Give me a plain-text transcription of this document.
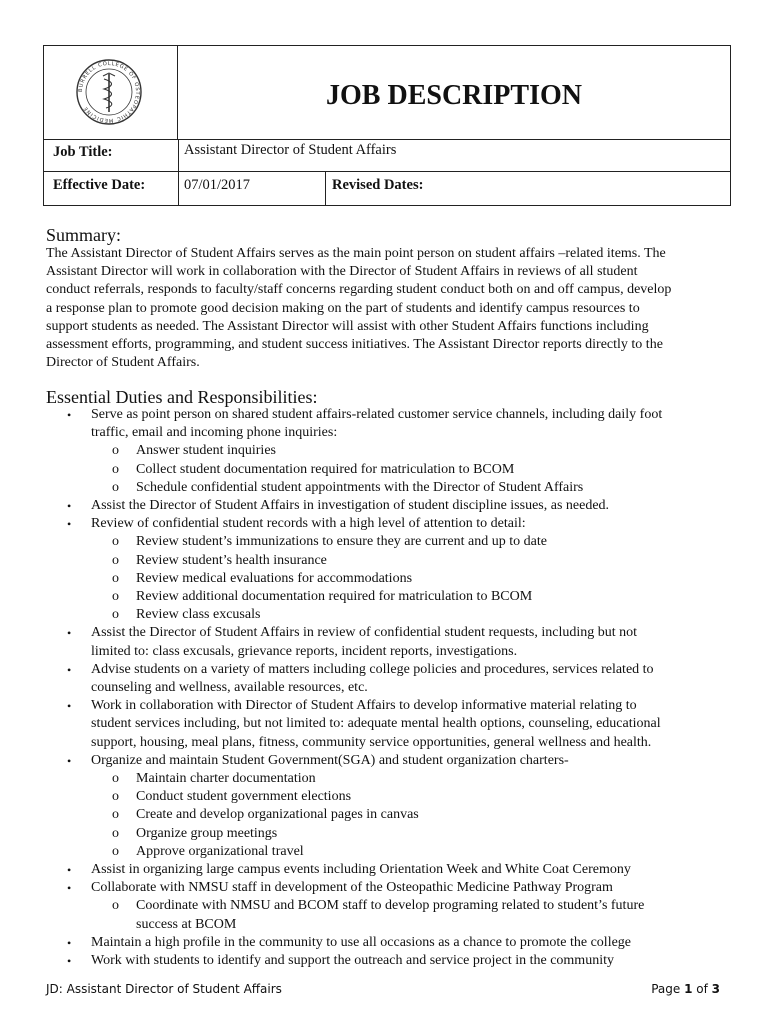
BURRELL COLLEGE OF OSTEOPATHIC MEDICINE	JOB DESCRIPTION
Job Title:	Assistant Director of Student Affairs
Effective Date:	07/01/2017	Revised Dates:
Summary:
The Assistant Director of Student Affairs serves as the main point person on student affairs –related items. The
Assistant Director will work in collaboration with the Director of Student Affairs in reviews of all student
conduct referrals, responds to faculty/staff concerns regarding student conduct both on and off campus, develop
a response plan to promote good decision making on the part of students and identify campus resources to
support students as needed. The Assistant Director will assist with other Student Affairs functions including
assessment efforts, programming, and student success initiatives. The Assistant Director reports directly to the
Director of Student Affairs.
Essential Duties and Responsibilities:
• Serve as point person on shared student affairs-related customer service channels, including daily foot
traffic, email and incoming phone inquiries:
o Answer student inquiries
o Collect student documentation required for matriculation to BCOM
o Schedule confidential student appointments with the Director of Student Affairs
• Assist the Director of Student Affairs in investigation of student discipline issues, as needed.
• Review of confidential student records with a high level of attention to detail:
o Review student’s immunizations to ensure they are current and up to date
o Review student’s health insurance
o Review medical evaluations for accommodations
o Review additional documentation required for matriculation to BCOM
o Review class excusals
• Assist the Director of Student Affairs in review of confidential student requests, including but not
limited to: class excusals, grievance reports, incident reports, investigations.
• Advise students on a variety of matters including college policies and procedures, services related to
counseling and wellness, available resources, etc.
• Work in collaboration with Director of Student Affairs to develop informative material relating to
student services including, but not limited to: adequate mental health options, counseling, educational
support, housing, meal plans, fitness, community service opportunities, general wellness and health.
• Organize and maintain Student Government(SGA) and student organization charters-
o Maintain charter documentation
o Conduct student government elections
o Create and develop organizational pages in canvas
o Organize group meetings
o Approve organizational travel
• Assist in organizing large campus events including Orientation Week and White Coat Ceremony
• Collaborate with NMSU staff in development of the Osteopathic Medicine Pathway Program
o Coordinate with NMSU and BCOM staff to develop programing related to student’s future
success at BCOM
• Maintain a high profile in the community to use all occasions as a chance to promote the college
• Work with students to identify and support the outreach and service project in the community
JD: Assistant Director of Student Affairs	Page 1 of 3
